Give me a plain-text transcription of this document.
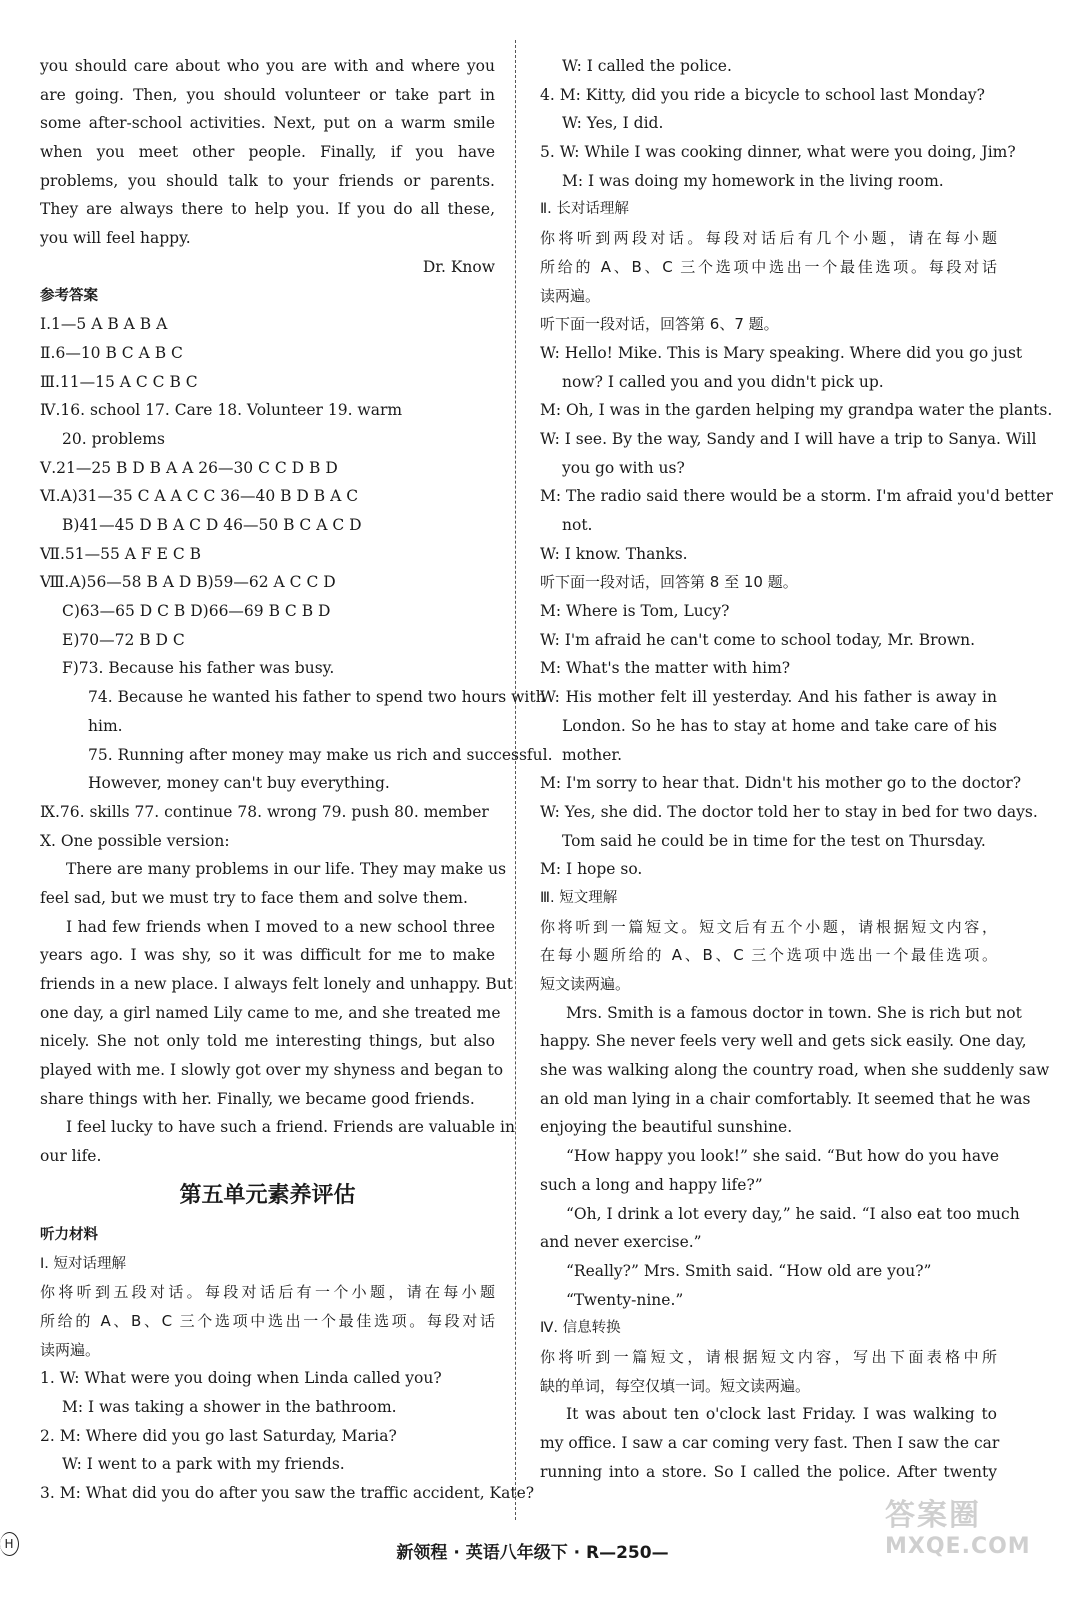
you should care about who you are with and where you
are going. Then, you should volunteer or take part in
some after-school activities. Next, put on a warm smile
when you meet other people. Finally, if you have
problems, you should talk to your friends or parents.
They are always there to help you. If you do all these,
you will feel happy.
Dr. Know
参考答案
Ⅰ.1—5 A B A B A
Ⅱ.6—10 B C A B C
Ⅲ.11—15 A C C B C
Ⅳ.16. school 17. Care 18. Volunteer 19. warm
20. problems
Ⅴ.21—25 B D B A A 26—30 C C D B D
Ⅵ.A)31—35 C A A C C 36—40 B D B A C
B)41—45 D B A C D 46—50 B C A C D
Ⅶ.51—55 A F E C B
Ⅷ.A)56—58 B A D B)59—62 A C C D
C)63—65 D C B D)66—69 B C B D
E)70—72 B D C
F)73. Because his father was busy.
74. Because he wanted his father to spend two hours with
him.
75. Running after money may make us rich and successful.
However, money can't buy everything.
Ⅸ.76. skills 77. continue 78. wrong 79. push 80. member
Ⅹ. One possible version:
There are many problems in our life. They may make us
feel sad, but we must try to face them and solve them.
I had few friends when I moved to a new school three
years ago. I was shy, so it was difficult for me to make
friends in a new place. I always felt lonely and unhappy. But
one day, a girl named Lily came to me, and she treated me
nicely. She not only told me interesting things, but also
played with me. I slowly got over my shyness and began to
share things with her. Finally, we became good friends.
I feel lucky to have such a friend. Friends are valuable in
our life.
第五单元素养评估
听力材料
Ⅰ. 短对话理解
你将听到五段对话。每段对话后有一个小题，请在每小题
所给的 A、B、C 三个选项中选出一个最佳选项。每段对话
读两遍。
1. W: What were you doing when Linda called you?
M: I was taking a shower in the bathroom.
2. M: Where did you go last Saturday, Maria?
W: I went to a park with my friends.
3. M: What did you do after you saw the traffic accident, Kate?
W: I called the police.
4. M: Kitty, did you ride a bicycle to school last Monday?
W: Yes, I did.
5. W: While I was cooking dinner, what were you doing, Jim?
M: I was doing my homework in the living room.
Ⅱ. 长对话理解
你将听到两段对话。每段对话后有几个小题，请在每小题
所给的 A、B、C 三个选项中选出一个最佳选项。每段对话
读两遍。
听下面一段对话，回答第 6、7 题。
W: Hello! Mike. This is Mary speaking. Where did you go just
now? I called you and you didn't pick up.
M: Oh, I was in the garden helping my grandpa water the plants.
W: I see. By the way, Sandy and I will have a trip to Sanya. Will
you go with us?
M: The radio said there would be a storm. I'm afraid you'd better
not.
W: I know. Thanks.
听下面一段对话，回答第 8 至 10 题。
M: Where is Tom, Lucy?
W: I'm afraid he can't come to school today, Mr. Brown.
M: What's the matter with him?
W: His mother felt ill yesterday. And his father is away in
London. So he has to stay at home and take care of his
mother.
M: I'm sorry to hear that. Didn't his mother go to the doctor?
W: Yes, she did. The doctor told her to stay in bed for two days.
Tom said he could be in time for the test on Thursday.
M: I hope so.
Ⅲ. 短文理解
你将听到一篇短文。短文后有五个小题，请根据短文内容，
在每小题所给的 A、B、C 三个选项中选出一个最佳选项。
短文读两遍。
Mrs. Smith is a famous doctor in town. She is rich but not
happy. She never feels very well and gets sick easily. One day,
she was walking along the country road, when she suddenly saw
an old man lying in a chair comfortably. It seemed that he was
enjoying the beautiful sunshine.
“How happy you look!” she said. “But how do you have
such a long and happy life?”
“Oh, I drink a lot every day,” he said. “I also eat too much
and never exercise.”
“Really?” Mrs. Smith said. “How old are you?”
“Twenty-nine.”
Ⅳ. 信息转换
你将听到一篇短文，请根据短文内容，写出下面表格中所
缺的单词，每空仅填一词。短文读两遍。
It was about ten o'clock last Friday. I was walking to
my office. I saw a car coming very fast. Then I saw the car
running into a store. So I called the police. After twenty
H	新领程 · 英语八年级下 · R—250—
答案圈
MXQE.COM
